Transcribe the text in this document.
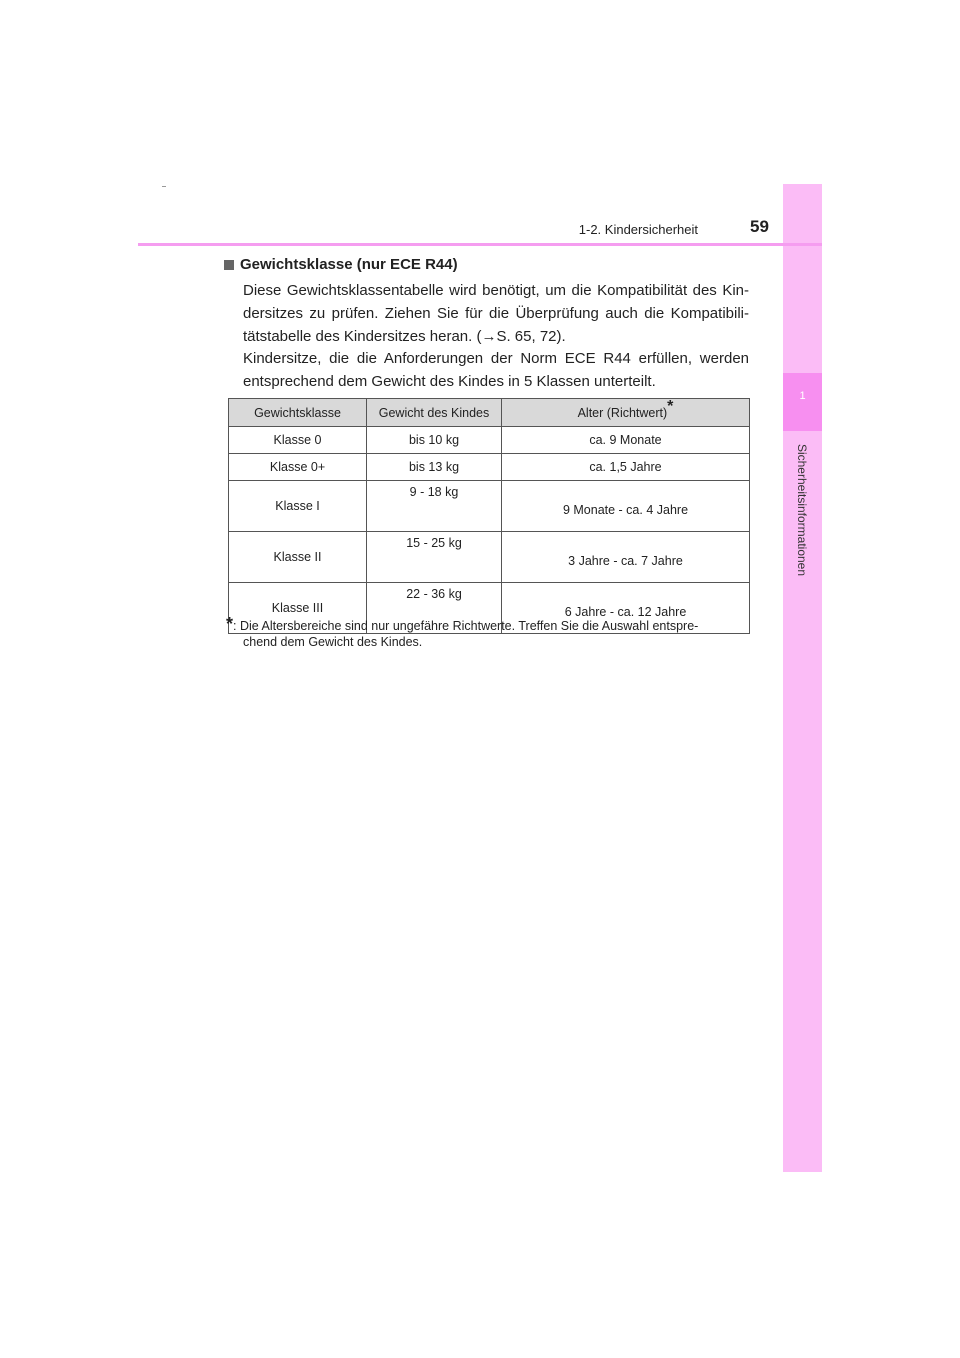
1
Sicherheitsinformationen
1-2. Kindersicherheit	59
Gewichtsklasse (nur ECE R44)

Diese Gewichtsklassentabelle wird benötigt, um die Kompatibilität des Kin- dersitzes zu prüfen. Ziehen Sie für die Überprüfung auch die Kompatibili- tätstabelle des Kindersitzes heran. (→S. 65, 72).

Kindersitze, die die Anforderungen der Norm ECE R44 erfüllen, werden entsprechend dem Gewicht des Kindes in 5 Klassen unterteilt.

Gewichtsklasse	Gewicht des Kindes	Alter (Richtwert)*
Klasse 0	bis 10 kg	ca. 9 Monate
Klasse 0+	bis 13 kg	ca. 1,5 Jahre
Klasse I	9 - 18 kg	9 Monate - ca. 4 Jahre
Klasse II	15 - 25 kg	3 Jahre - ca. 7 Jahre
Klasse III	22 - 36 kg	6 Jahre - ca. 12 Jahre
*: Die Altersbereiche sind nur ungefähre Richtwerte. Treffen Sie die Auswahl entspre-
chend dem Gewicht des Kindes.
